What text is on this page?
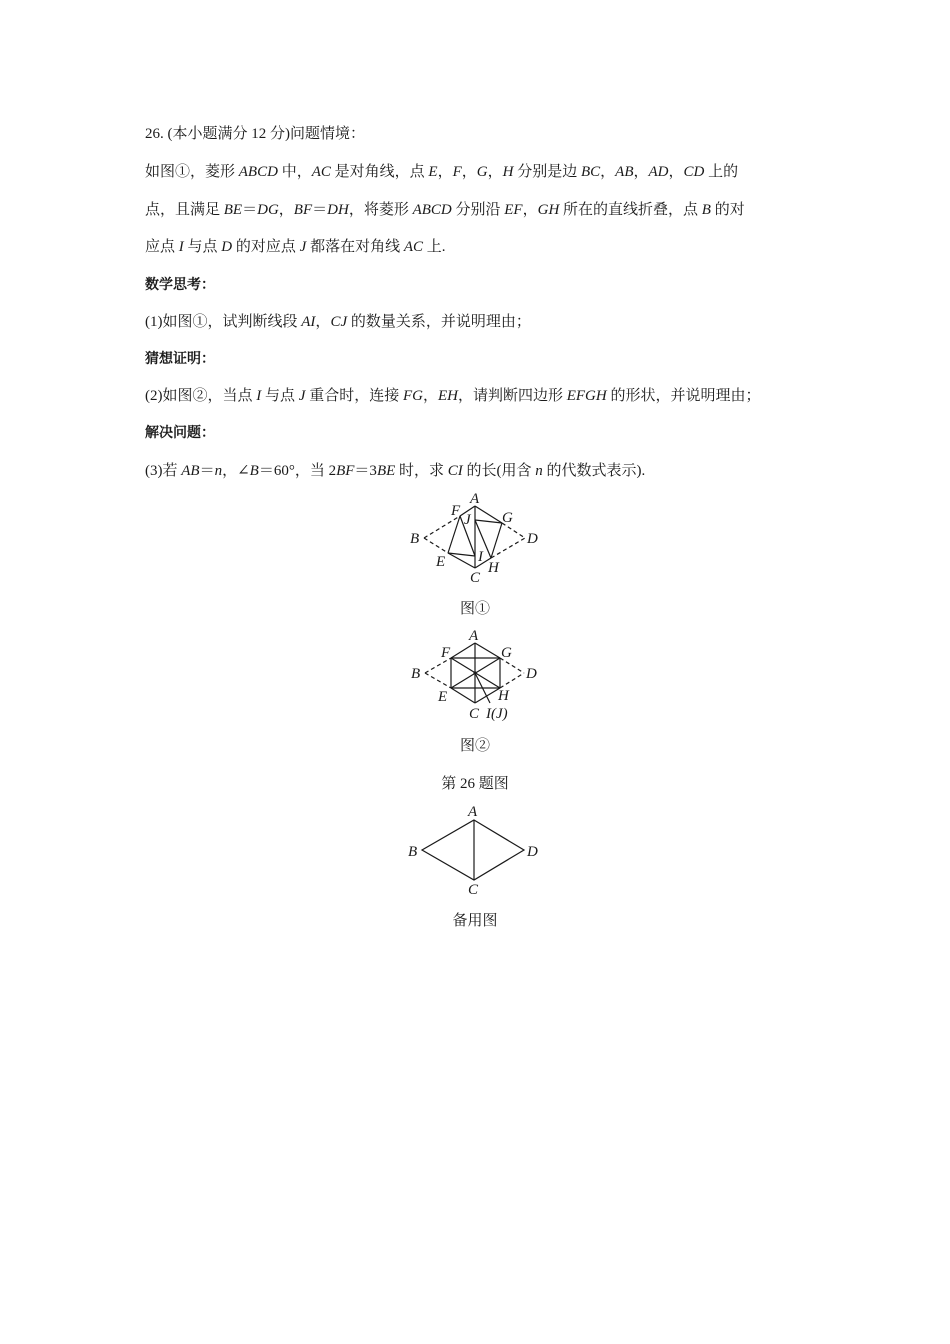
26. (本小题满分 12 分)问题情境：
如图①，菱形 ABCD 中，AC 是对角线，点 E，F，G，H 分别是边 BC，AB，AD，CD 上的
点，且满足 BE＝DG，BF＝DH，将菱形 ABCD 分别沿 EF，GH 所在的直线折叠，点 B 的对
应点 I 与点 D 的对应点 J 都落在对角线 AC 上.
数学思考：
(1)如图①，试判断线段 AI，CJ 的数量关系，并说明理由；
猜想证明：
(2)如图②，当点 I 与点 J 重合时，连接 FG，EH，请判断四边形 EFGH 的形状，并说明理由；
解决问题：
(3)若 AB＝n，∠B＝60°，当 2BF＝3BE 时，求 CI 的长(用含 n 的代数式表示).
A
B
C
D
E
F	G
H
I
J
图①
A
B
C
D
E
F	G
H
I(J)
图②
第 26 题图
A
B
C
D
备用图
